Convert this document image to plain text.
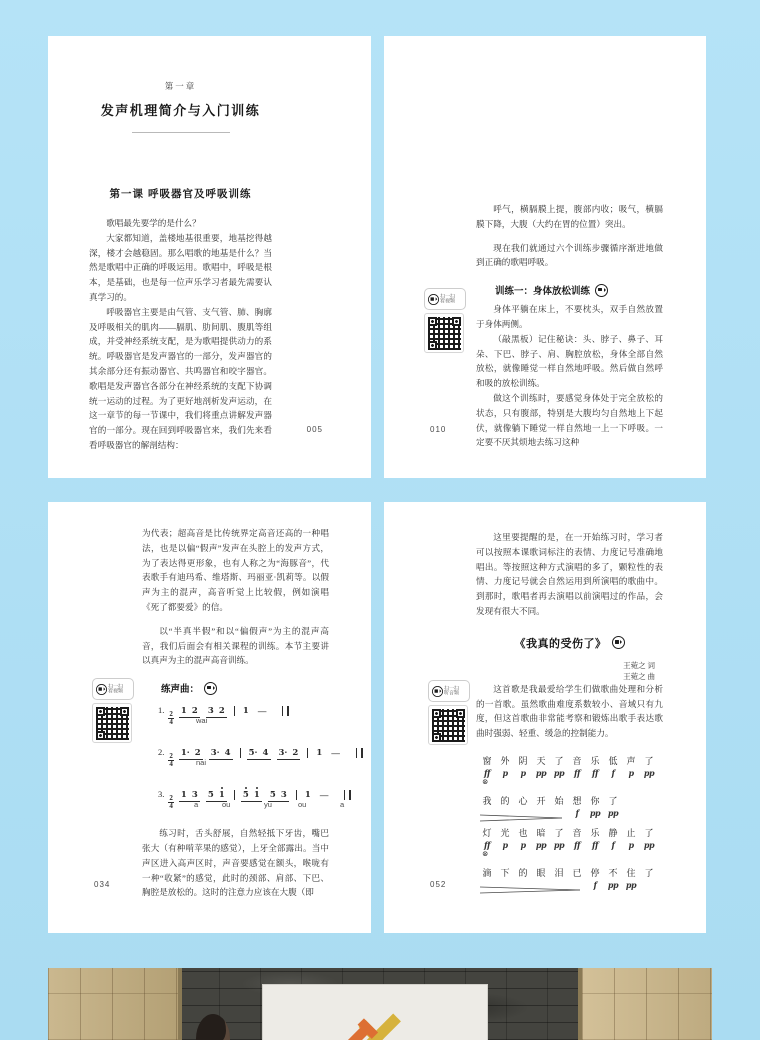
第一章
发声机理简介与入门训练
第一课 呼吸器官及呼吸训练

歌唱最先要学的是什么？

大家都知道，盖楼地基很重要，地基挖得越深，楼才会越稳固。那么唱歌的地基是什么？当然是歌唱中正确的呼吸运用。歌唱中，呼吸是根本，是基础，也是每一位声乐学习者最先需要认真学习的。

呼吸器官主要是由气管、支气管、肺、胸廓及呼吸相关的肌肉——膈肌、肋间肌、腹肌等组成，并受神经系统支配，是为歌唱提供动力的系统。呼吸器官是发声器官的一部分，发声器官的其余部分还有振动器官、共鸣器官和咬字器官。歌唱是发声器官各部分在神经系统的支配下协调统一运动的过程。为了更好地剖析发声运动，在这一章节的每一节课中，我们将重点讲解发声器官的一部分。现在回到呼吸器官来，我们先来看看呼吸器官的解剖结构：

005

呼气，横膈膜上提，腹部内收；吸气，横膈膜下降，大腹（大约在胃的位置）突出。

现在我们就通过六个训练步骤循序渐进地做到正确的歌唱呼吸。

训练一：身体放松训练

身体平躺在床上，不要枕头，双手自然放置于身体两侧。

（敲黑板）记住秘诀：头、脖子、鼻子、耳朵、下巴、脖子、肩、胸腔放松，身体全部自然放松，就像睡觉一样自然地呼吸。然后做自然呼和吸的放松训练。

做这个训练时，要感觉身体处于完全放松的状态，只有腹部，特别是大腹均匀自然地上下起伏，就像躺下睡觉一样自然地一上一下呼吸。一定要不厌其烦地去练习这种

扫一扫
看视频
010

为代表；超高音是比传统界定高音还高的一种唱法，也是以偏“假声”发声在头腔上的发声方式，为了表达得更形象，也有人称之为“海豚音”，代表歌手有迪玛希、维塔斯、玛丽亚·凯莉等。以假声为主的混声，高音听觉上比较假，例如演唱《死了都要爱》的信。

以“半真半假”和以“偏假声”为主的混声高音，我们后面会有相关课程的训练。本节主要讲以真声为主的混声高音训练。

练声曲：
1.
$\frac{2}{4} 1$ 2 3 2 1 —
wai
2.
$\frac{2}{4} 1\cdot 2$ 3· 4 5· 4 3· 2 1 —
nai
3.
$\frac{2}{4} 1$ 3 5 1 5 1 5 3 1 —
a	ou	yu	ou	a

练习时，舌头舒展，自然轻抵下牙齿，嘴巴张大（有种啃苹果的感觉），上牙全部露出。当中声区进入高声区时，声音要感觉在额头，喉咙有一种“收紧”的感觉，此时的颈部、肩部、下巴、胸腔是放松的。这时的注意力应该在大腹（即

扫一扫
看视频
034

这里要提醒的是，在一开始练习时，学习者可以按照本课歌词标注的表情、力度记号准确地唱出。等按照这种方式演唱的多了，颗粒性的表情、力度记号就会自然运用到所演唱的歌曲中。到那时，歌唱者再去演唱以前演唱过的作品，会发现有很大不同。

《我真的受伤了》
王菀之 词
王菀之 曲

这首歌是我最爱给学生们做歌曲处理和分析的一首歌。虽然歌曲难度系数较小、音域只有九度，但这首歌曲非常能考察和锻炼出歌手表达歌曲时强弱、轻重、缓急的控制能力。

窗 外 阴 天 了 音 乐 低 声 了
ff	p	p	pp pp	ff	ff	f	p	pp
⊗
我 的 心 开 始 想 你 了
f	pp pp
灯 光 也 暗 了 音 乐 静 止 了
ff	p	p	pp pp	ff	ff	f	p	pp
⊗
滴 下 的 眼 泪 已 停 不 住 了
f	pp pp
扫一扫
听音频
052
